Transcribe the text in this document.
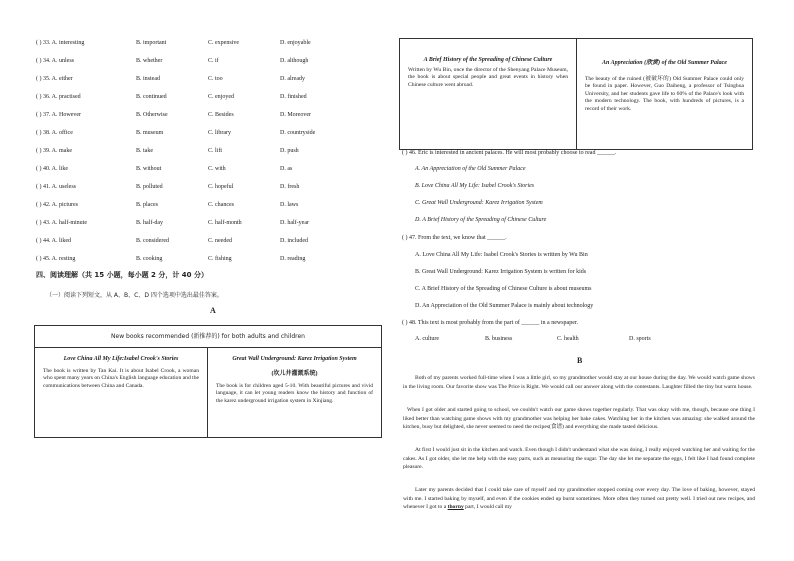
( ) 33. A. interesting	B. important	C. expensive	D. enjoyable
( ) 34. A. unless	B. whether	C. if	D. although
( ) 35. A. either	B. instead	C. too	D. already
( ) 36. A. practised	B. continued	C. enjoyed	D. finished
( ) 37. A. However	B. Otherwise	C. Besides	D. Moreover
( ) 38. A. office	B. museum	C. library	D. countryside
( ) 39. A. make	B. take	C. lift	D. push
( ) 40. A. like	B. without	C. with	D. as
( ) 41. A. useless	B. polluted	C. hopeful	D. fresh
( ) 42. A. pictures	B. places	C. chances	D. laws
( ) 43. A. half-minute	B. half-day	C. half-month	D. half-year
( ) 44. A. liked	B. considered	C. needed	D. included
( ) 45. A. resting	B. cooking	C. fishing	D. reading
四、阅读理解（共 15 小题，每小题 2 分，计 40 分）
（一）阅读下列短文，从 A、B、C、D 四个选项中选出最佳答案。
A
New books recommended (新推荐的) for both adults and children
Love China All My Life:Isabel Crook's Stories
The book is written by Tan Kai. It is about Isabel Crook, a woman who spent many years on China's English language education and the communications between China and Canada.
Great Wall Underground: Karez Irrigation System
(坎儿井灌溉系统)
The book is for children aged 5-10. With beautiful pictures and vivid language, it can let young readers know the history and function of the karez underground irrigation system in Xinjiang.
A Brief History of the Spreading of Chinese Culture
Written by Wu Bin, once the director of the Shenyang Palace Museum, the book is about special people and great events in history when Chinese culture went abroad.
An Appreciation (欣赏) of the Old Summer Palace
The beauty of the ruined (被破坏的) Old Summer Palace could only be found in paper. However, Guo Daiheng, a professor of Tsinghua University, and her students gave life to 60% of the Palace's look with the modern technology. The book, with hundreds of pictures, is a record of their work.
( ) 46. Eric is interested in ancient palaces. He will most probably choose to read ______.
A. An Appreciation of the Old Summer Palace
B. Love China All My Life: Isabel Crook's Stories
C. Great Wall Underground: Karez Irrigation System
D. A Brief History of the Spreading of Chinese Culture
( ) 47. From the text, we know that ______.
A. Love China All My Life: Isabel Crook's Stories is written by Wu Bin
B. Great Wall Underground: Karez Irrigation System is written for kids
C. A Brief History of the Spreading of Chinese Culture is about museums
D. An Appreciation of the Old Summer Palace is mainly about technology
( ) 48. This text is most probably from the part of ______ in a newspaper.
A. culture	B. business	C. health	D. sports
B
Both of my parents worked full-time when I was a little girl, so my grandmother would stay at our house during the day. We would watch game shows in the living room. Our favorite show was The Price is Right. We would call our answer along with the contestants. Laughter filled the tiny but warm house.
When I got older and started going to school, we couldn't watch our game shows together regularly. That was okay with me, though, because one thing I liked better than watching game shows with my grandmother was helping her bake cakes. Watching her in the kitchen was amazing: she walked around the kitchen, busy but delighted, she never seemed to need the recipes(食谱) and everything she made tasted delicious.
At first I would just sit in the kitchen and watch. Even though I didn't understand what she was doing, I really enjoyed watching her and waiting for the cakes. As I got older, she let me help with the easy parts, such as measuring the sugar. The day she let me separate the eggs, I felt like I had found complete pleasure.
Later my parents decided that I could take care of myself and my grandmother stopped coming over every day. The love of baking, however, stayed with me. I started baking by myself, and even if the cookies ended up burnt sometimes. More often they turned out pretty well. I tried out new recipes, and whenever I got to a thorny part, I would call my
